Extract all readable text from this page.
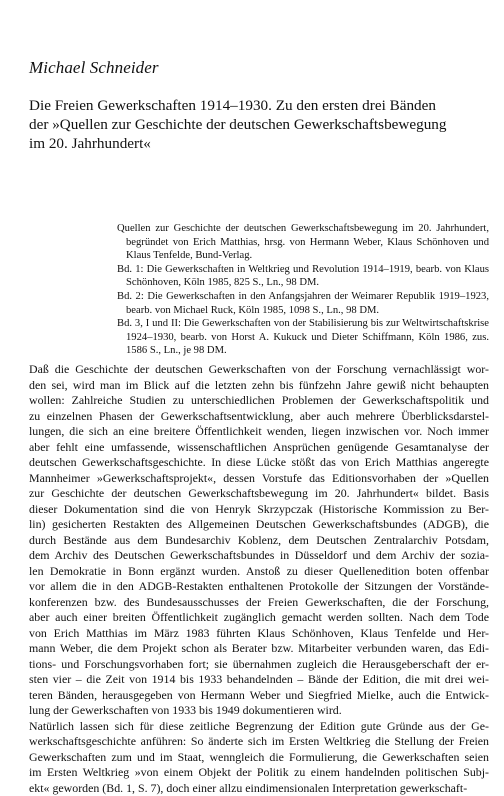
Michael Schneider
Die Freien Gewerkschaften 1914–1930. Zu den ersten drei Bänden
der »Quellen zur Geschichte der deutschen Gewerkschaftsbewegung
im 20. Jahrhundert«

Quellen zur Geschichte der deutschen Gewerkschaftsbewegung im 20. Jahrhundert, begründet von Erich Matthias, hrsg. von Hermann Weber, Klaus Schönhoven und Klaus Tenfelde, Bund-Verlag.

Bd. 1: Die Gewerkschaften in Weltkrieg und Revolution 1914–1919, bearb. von Klaus Schönhoven, Köln 1985, 825 S., Ln., 98 DM.

Bd. 2: Die Gewerkschaften in den Anfangsjahren der Weimarer Republik 1919–1923, bearb. von Michael Ruck, Köln 1985, 1098 S., Ln., 98 DM.

Bd. 3, I und II: Die Gewerkschaften von der Stabilisierung bis zur Weltwirtschaftskrise 1924–1930, bearb. von Horst A. Kukuck und Dieter Schiffmann, Köln 1986, zus. 1586 S., Ln., je 98 DM.

Daß die Geschichte der deutschen Gewerkschaften von der Forschung vernachlässigt wor-
den sei, wird man im Blick auf die letzten zehn bis fünfzehn Jahre gewiß nicht behaupten
wollen: Zahlreiche Studien zu unterschiedlichen Problemen der Gewerkschaftspolitik und
zu einzelnen Phasen der Gewerkschaftsentwicklung, aber auch mehrere Überblicksdarstel-
lungen, die sich an eine breitere Öffentlichkeit wenden, liegen inzwischen vor. Noch immer
aber fehlt eine umfassende, wissenschaftlichen Ansprüchen genügende Gesamtanalyse der
deutschen Gewerkschaftsgeschichte. In diese Lücke stößt das von Erich Matthias angeregte
Mannheimer »Gewerkschaftsprojekt«, dessen Vorstufe das Editionsvorhaben der »Quellen
zur Geschichte der deutschen Gewerkschaftsbewegung im 20. Jahrhundert« bildet. Basis
dieser Dokumentation sind die von Henryk Skrzypczak (Historische Kommission zu Ber-
lin) gesicherten Restakten des Allgemeinen Deutschen Gewerkschaftsbundes (ADGB), die
durch Bestände aus dem Bundesarchiv Koblenz, dem Deutschen Zentralarchiv Potsdam,
dem Archiv des Deutschen Gewerkschaftsbundes in Düsseldorf und dem Archiv der sozia-
len Demokratie in Bonn ergänzt wurden. Anstoß zu dieser Quellenedition boten offenbar
vor allem die in den ADGB-Restakten enthaltenen Protokolle der Sitzungen der Vorstände-
konferenzen bzw. des Bundesausschusses der Freien Gewerkschaften, die der Forschung,
aber auch einer breiten Öffentlichkeit zugänglich gemacht werden sollten. Nach dem Tode
von Erich Matthias im März 1983 führten Klaus Schönhoven, Klaus Tenfelde und Her-
mann Weber, die dem Projekt schon als Berater bzw. Mitarbeiter verbunden waren, das Edi-
tions- und Forschungsvorhaben fort; sie übernahmen zugleich die Herausgeberschaft der er-
sten vier – die Zeit von 1914 bis 1933 behandelnden – Bände der Edition, die mit drei wei-
teren Bänden, herausgegeben von Hermann Weber und Siegfried Mielke, auch die Entwick-
lung der Gewerkschaften von 1933 bis 1949 dokumentieren wird.
Natürlich lassen sich für diese zeitliche Begrenzung der Edition gute Gründe aus der Ge-
werkschaftsgeschichte anführen: So änderte sich im Ersten Weltkrieg die Stellung der Freien
Gewerkschaften zum und im Staat, wenngleich die Formulierung, die Gewerkschaften seien
im Ersten Weltkrieg »von einem Objekt der Politik zu einem handelnden politischen Subj-
ekt« geworden (Bd. 1, S. 7), doch einer allzu eindimensionalen Interpretation gewerkschaft-
